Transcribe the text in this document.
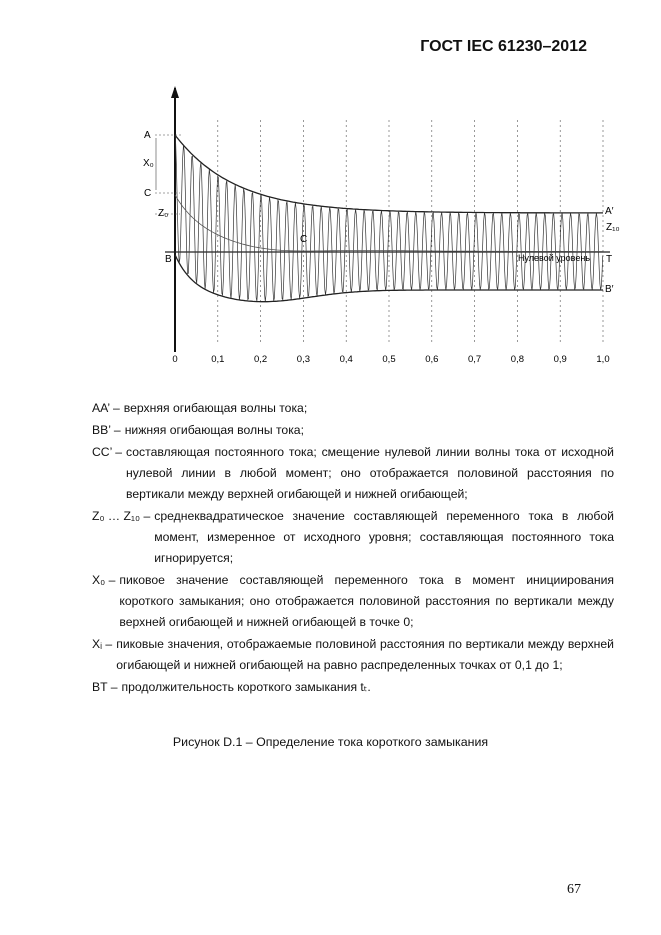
ГОСТ IEC 61230–2012
A
X₀
C
Z₀
B
C
A′
Z₁₀
Нулевой уровень T
B′
0	0,1	0,2	0,3	0,4	0,5	0,6	0,7	0,8	0,9	1,0
AA’ – верхняя огибающая волны тока;
BB’ – нижняя огибающая волны тока;
CC’ – составляющая постоянного тока; смещение нулевой линии волны тока от исходной нулевой линии в любой момент; оно отображается половиной расстояния по вертикали между верхней огибающей и нижней огибающей;
Z₀ … Z₁₀ – среднеквадратическое значение составляющей переменного тока в любой момент, измеренное от исходного уровня; составляющая постоянного тока игнорируется;
X₀ – пиковое значение составляющей переменного тока в момент инициирования короткого замыкания; оно отображается половиной расстояния по вертикали между верхней огибающей и нижней огибающей в точке 0;
Xᵢ – пиковые значения, отображаемые половиной расстояния по вертикали между верхней огибающей и нижней огибающей на равно распределенных точках от 0,1 до 1;
BT – продолжительность короткого замыкания tₜ.
Рисунок D.1 – Определение тока короткого замыкания
67
